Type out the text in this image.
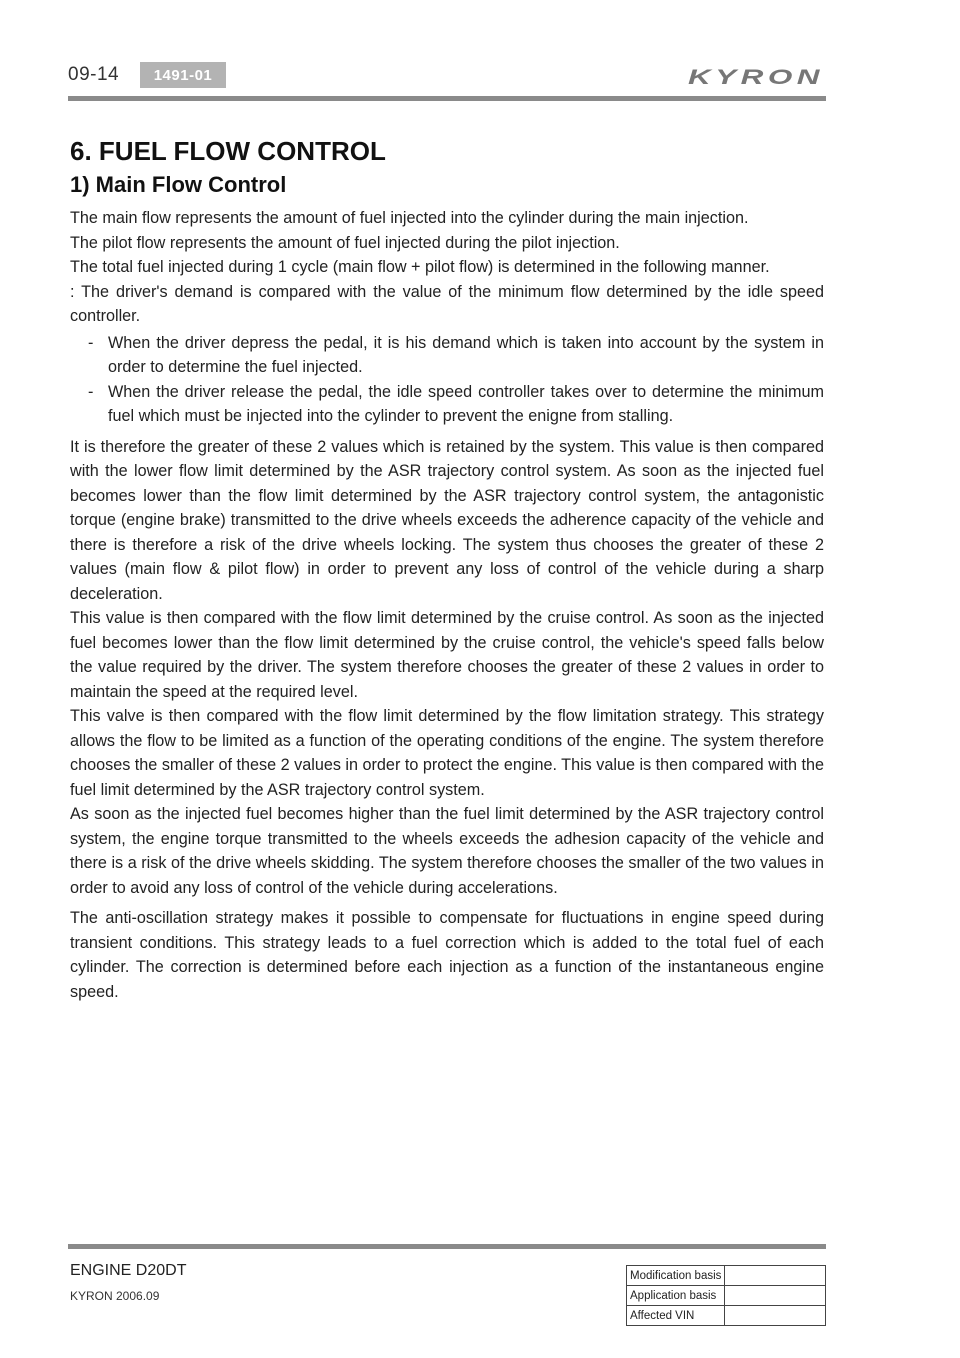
09-14	1491-01	KYRON
6. FUEL FLOW CONTROL
1) Main Flow Control

The main flow represents the amount of fuel injected into the cylinder during the main injection.

The pilot flow represents the amount of fuel injected during the pilot injection.

The total fuel injected during 1 cycle (main flow + pilot flow) is determined in the following manner.

: The driver's demand is compared with the value of the minimum flow determined by the idle speed controller.

- When the driver depress the pedal, it is his demand which is taken into account by the system in order to determine the fuel injected.
- When the driver release the pedal, the idle speed controller takes over to determine the minimum fuel which must be injected into the cylinder to prevent the enigne from stalling.

It is therefore the greater of these 2 values which is retained by the system. This value is then compared with the lower flow limit determined by the ASR trajectory control system. As soon as the injected fuel becomes lower than the flow limit determined by the ASR trajectory control system, the antagonistic torque (engine brake) transmitted to the drive wheels exceeds the adherence capacity of the vehicle and there is therefore a risk of the drive wheels locking. The system thus chooses the greater of these 2 values (main flow & pilot flow) in order to prevent any loss of control of the vehicle during a sharp deceleration.

This value is then compared with the flow limit determined by the cruise control. As soon as the injected fuel becomes lower than the flow limit determined by the cruise control, the vehicle's speed falls below the value required by the driver. The system therefore chooses the greater of these 2 values in order to maintain the speed at the required level.

This valve is then compared with the flow limit determined by the flow limitation strategy. This strategy allows the flow to be limited as a function of the operating conditions of the engine. The system therefore chooses the smaller of these 2 values in order to protect the engine. This value is then compared with the fuel limit determined by the ASR trajectory control system.

As soon as the injected fuel becomes higher than the fuel limit determined by the ASR trajectory control system, the engine torque transmitted to the wheels exceeds the adhesion capacity of the vehicle and there is a risk of the drive wheels skidding. The system therefore chooses the smaller of the two values in order to avoid any loss of control of the vehicle during accelerations.

The anti-oscillation strategy makes it possible to compensate for fluctuations in engine speed during transient conditions. This strategy leads to a fuel correction which is added to the total fuel of each cylinder. The correction is determined before each injection as a function of the instantaneous engine speed.

ENGINE D20DT
KYRON 2006.09
Modification basis	
Application basis	
Affected VIN	
